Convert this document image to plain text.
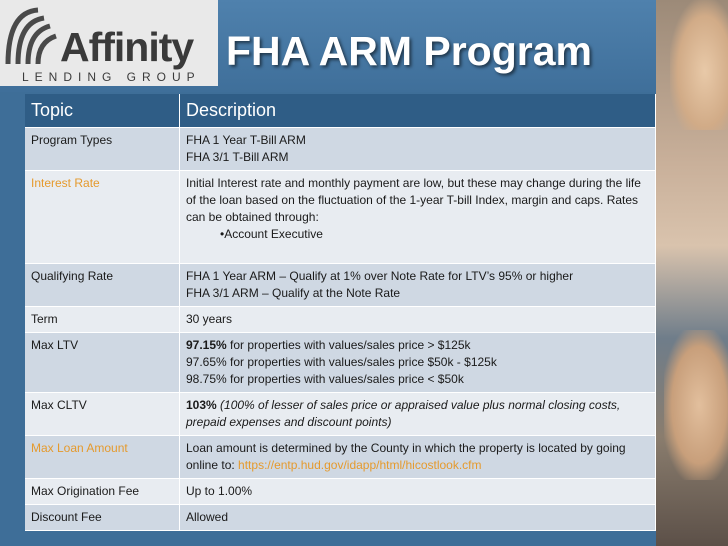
Affinity
LENDING GROUP
FHA ARM Program
Topic	Description
Program Types	FHA 1 Year T-Bill ARM
FHA 3/1 T-Bill ARM

Interest Rate	Initial Interest rate and monthly payment are low, but these may change during the life of the loan based on the fluctuation of the 1-year T-bill Index, margin and caps. Rates can be obtained through:
•Account Executive

Qualifying Rate	FHA 1 Year ARM – Qualify at 1% over Note Rate for LTV’s 95% or higher
FHA 3/1 ARM – Qualify at the Note Rate

Term	30 years
Max LTV	97.15% for properties with values/sales price > $125k
97.65% for properties with values/sales price $50k - $125k
98.75% for properties with values/sales price < $50k

Max CLTV	103% (100% of lesser of sales price or appraised value plus normal closing costs, prepaid expenses and discount points)
Max Loan Amount	Loan amount is determined by the County in which the property is located by going online to: https://entp.hud.gov/idapp/html/hicostlook.cfm
Max Origination Fee	Up to 1.00%
Discount Fee	Allowed
